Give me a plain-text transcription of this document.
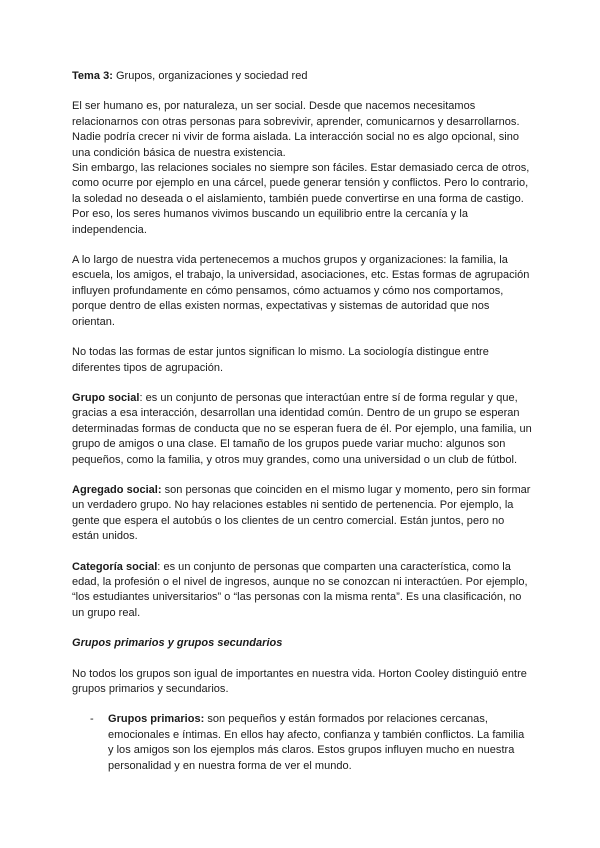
Tema 3: Grupos, organizaciones y sociedad red

El ser humano es, por naturaleza, un ser social. Desde que nacemos necesitamos relacionarnos con otras personas para sobrevivir, aprender, comunicarnos y desarrollarnos. Nadie podría crecer ni vivir de forma aislada. La interacción social no es algo opcional, sino una condición básica de nuestra existencia.

Sin embargo, las relaciones sociales no siempre son fáciles. Estar demasiado cerca de otros, como ocurre por ejemplo en una cárcel, puede generar tensión y conflictos. Pero lo contrario, la soledad no deseada o el aislamiento, también puede convertirse en una forma de castigo. Por eso, los seres humanos vivimos buscando un equilibrio entre la cercanía y la independencia.

A lo largo de nuestra vida pertenecemos a muchos grupos y organizaciones: la familia, la escuela, los amigos, el trabajo, la universidad, asociaciones, etc. Estas formas de agrupación influyen profundamente en cómo pensamos, cómo actuamos y cómo nos comportamos, porque dentro de ellas existen normas, expectativas y sistemas de autoridad que nos orientan.

No todas las formas de estar juntos significan lo mismo. La sociología distingue entre diferentes tipos de agrupación.

Grupo social: es un conjunto de personas que interactúan entre sí de forma regular y que, gracias a esa interacción, desarrollan una identidad común. Dentro de un grupo se esperan determinadas formas de conducta que no se esperan fuera de él. Por ejemplo, una familia, un grupo de amigos o una clase. El tamaño de los grupos puede variar mucho: algunos son pequeños, como la familia, y otros muy grandes, como una universidad o un club de fútbol.

Agregado social: son personas que coinciden en el mismo lugar y momento, pero sin formar un verdadero grupo. No hay relaciones estables ni sentido de pertenencia. Por ejemplo, la gente que espera el autobús o los clientes de un centro comercial. Están juntos, pero no están unidos.

Categoría social: es un conjunto de personas que comparten una característica, como la edad, la profesión o el nivel de ingresos, aunque no se conozcan ni interactúen. Por ejemplo, “los estudiantes universitarios” o “las personas con la misma renta”. Es una clasificación, no un grupo real.

Grupos primarios y grupos secundarios

No todos los grupos son igual de importantes en nuestra vida. Horton Cooley distinguió entre grupos primarios y secundarios.

- Grupos primarios: son pequeños y están formados por relaciones cercanas, emocionales e íntimas. En ellos hay afecto, confianza y también conflictos. La familia y los amigos son los ejemplos más claros. Estos grupos influyen mucho en nuestra personalidad y en nuestra forma de ver el mundo.
